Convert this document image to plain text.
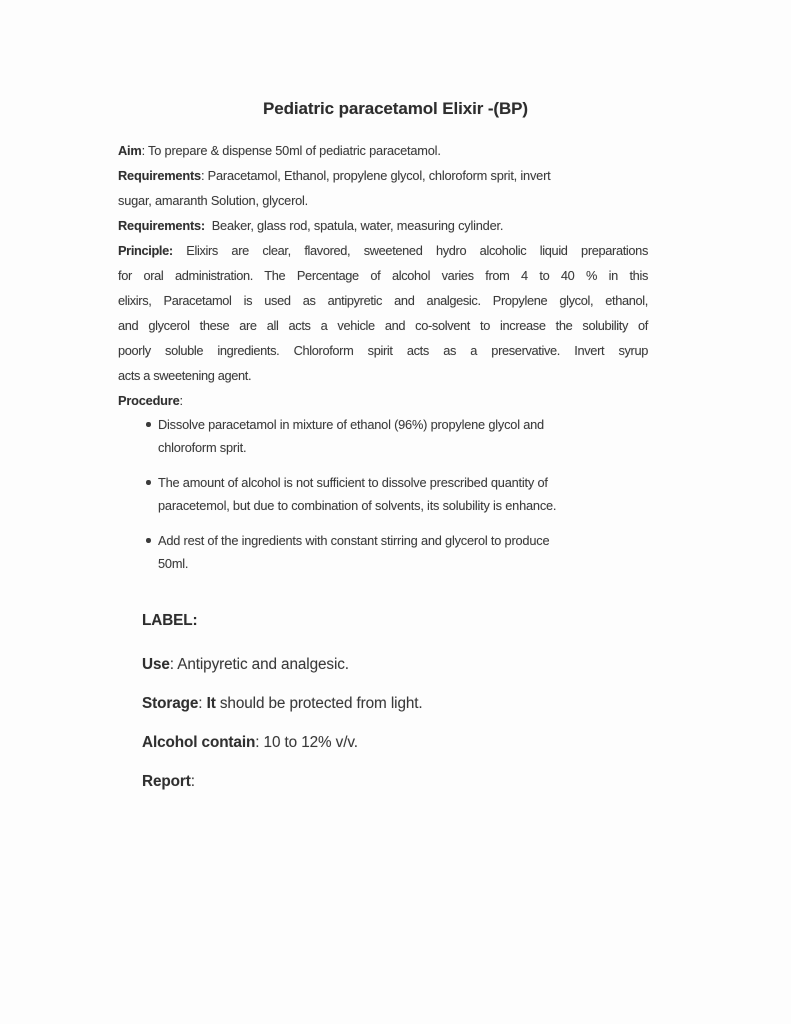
Pediatric paracetamol Elixir -(BP)

Aim: To prepare & dispense 50ml of pediatric paracetamol.

Requirements: Paracetamol, Ethanol, propylene glycol, chloroform sprit, invert
sugar, amaranth Solution, glycerol.

Requirements:  Beaker, glass rod, spatula, water, measuring cylinder.

Principle: Elixirs are clear, flavored, sweetened hydro alcoholic liquid preparations
for oral administration. The Percentage of alcohol varies from 4 to 40 % in this
elixirs, Paracetamol is used as antipyretic and analgesic. Propylene glycol, ethanol,
and glycerol these are all acts a vehicle and co-solvent to increase the solubility of
poorly soluble ingredients. Chloroform spirit acts as a preservative. Invert syrup
acts a sweetening agent.

Procedure:

Dissolve paracetamol in mixture of ethanol (96%) propylene glycol and
chloroform sprit.
The amount of alcohol is not sufficient to dissolve prescribed quantity of
paracetemol, but due to combination of solvents, its solubility is enhance.
Add rest of the ingredients with constant stirring and glycerol to produce
50ml.

LABEL:

Use: Antipyretic and analgesic.

Storage: It should be protected from light.

Alcohol contain: 10 to 12% v/v.

Report:
